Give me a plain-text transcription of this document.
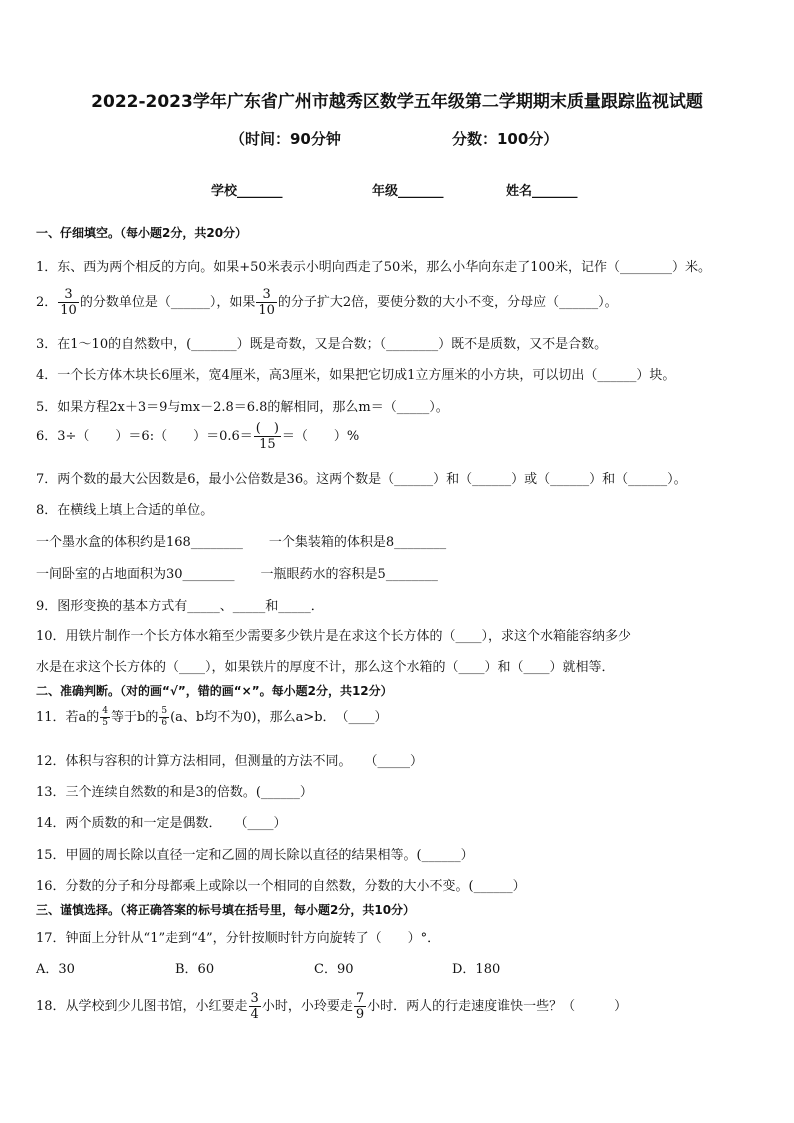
2022-2023学年广东省广州市越秀区数学五年级第二学期期末质量跟踪监视试题
（时间：90分钟	分数：100分）
学校_______	年级_______	姓名_______
一、仔细填空。（每小题2分，共20分）
1．东、西为两个相反的方向。如果+50米表示小明向西走了50米，那么小华向东走了100米，记作（________）米。
2． $\frac{3}{10}$ 的分数单位是（______），如果 $\frac{3}{10}$ 的分子扩大2倍，要使分数的大小不变，分母应（______）。
3．在1～10的自然数中，(_______）既是奇数，又是合数；（________）既不是质数，又不是合数。
4．一个长方体木块长6厘米，宽4厘米，高3厘米，如果把它切成1立方厘米的小方块，可以切出（______）块。
5．如果方程2x＋3＝9与mx－2.8＝6.8的解相同，那么m＝（_____）。
6．3÷（　　）＝6:（　　）$=0.6= \frac{( )}{15}$ ＝（　　）%
7．两个数的最大公因数是6，最小公倍数是36。这两个数是（______）和（______）或（______）和（______）。
8．在横线上填上合适的单位。
一个墨水盒的体积约是168________　　一个集装箱的体积是8________
一间卧室的占地面积为30________　　一瓶眼药水的容积是5________
9．图形变换的基本方式有_____、_____和_____．
10．用铁片制作一个长方体水箱至少需要多少铁片是在求这个长方体的（____），求这个水箱能容纳多少
水是在求这个长方体的（____），如果铁片的厚度不计，那么这个水箱的（____）和（____）就相等．
二、准确判断。（对的画“√”，错的画“×”。每小题2分，共12分）
11．若a的 $\frac{4}{5}$ 等于b的 $\frac{5}{6} (a$、b均不为0)，那么a>b．　（____）
12．体积与容积的计算方法相同，但测量的方法不同。　　（_____）
13．三个连续自然数的和是3的倍数。(______）
14．两个质数的和一定是偶数．　　（____）
15．甲圆的周长除以直径一定和乙圆的周长除以直径的结果相等。(______）
16．分数的分子和分母都乘上或除以一个相同的自然数，分数的大小不变。(______）
三、谨慎选择。（将正确答案的标号填在括号里，每小题2分，共10分）
17．钟面上分针从“1”走到“4”，分针按顺时针方向旋转了（　　）°．
A．30	B．60	C．90	D．180
18．从学校到少儿图书馆，小红要走 $\frac{3}{4}$ 小时，小玲要走 $\frac{7}{9}$ 小时．两人的行走速度谁快一些？（　　　）
